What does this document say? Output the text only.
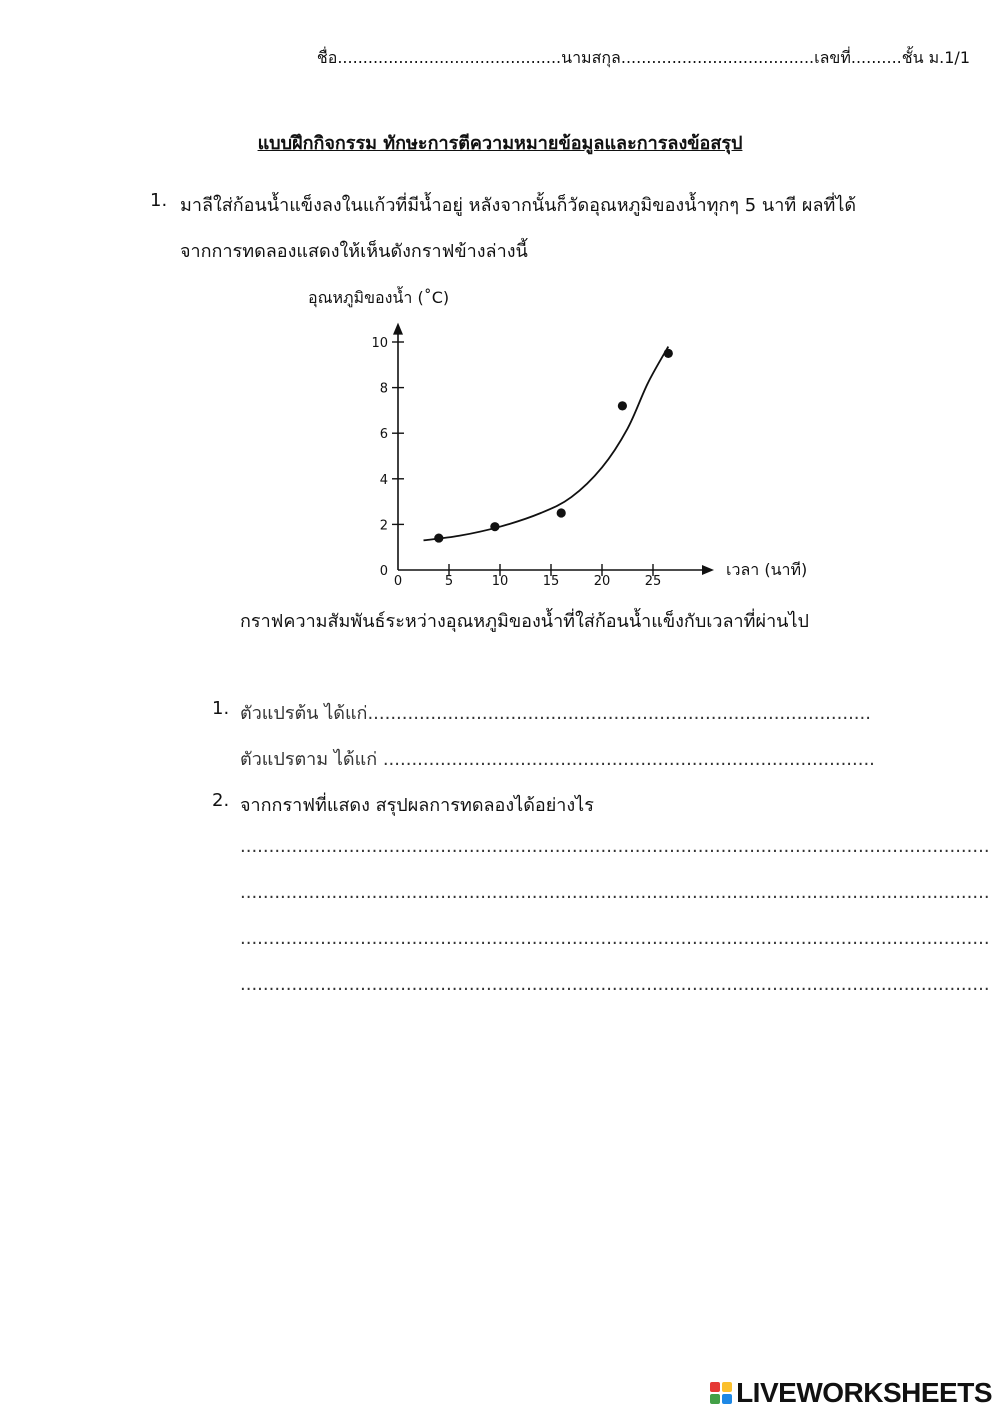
ชื่อ............................................นามสกุล......................................เลขที่..........ชั้น ม.1/1
แบบฝึกกิจกรรม ทักษะการตีความหมายข้อมูลและการลงข้อสรุป
1. มาลีใส่ก้อนน้ำแข็งลงในแก้วที่มีน้ำอยู่ หลังจากนั้นก็วัดอุณหภูมิของน้ำทุกๆ 5 นาที ผลที่ได้
จากการทดลองแสดงให้เห็นดังกราฟข้างล่างนี้
0
2
4
6
8
10
0	5	10	15	20	25
อุณหภูมิของน้ำ (˚C)
เวลา (นาที)
กราฟความสัมพันธ์ระหว่างอุณหภูมิของน้ำที่ใส่ก้อนน้ำแข็งกับเวลาที่ผ่านไป
1. ตัวแปรต้น ได้แก่........................................................................................
ตัวแปรตาม ได้แก่ ......................................................................................
2. จากกราฟที่แสดง สรุปผลการทดลองได้อย่างไร
...................................................................................................................................
...................................................................................................................................
...................................................................................................................................
...................................................................................................................................
LIVEWORKSHEETS
